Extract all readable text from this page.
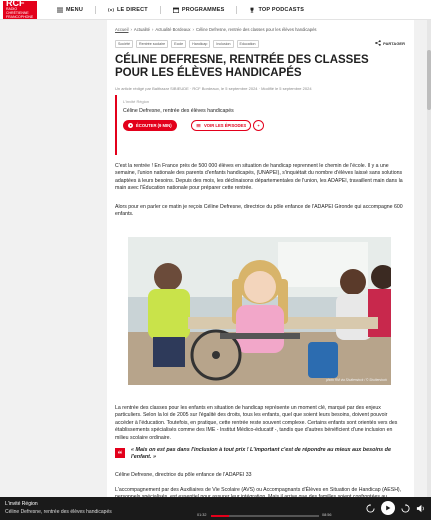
RCF
RADIO CHRÉTIENNE FRANCOPHONE
MENU	LE DIRECT	PROGRAMMES	TOP PODCASTS
Accueil › Actualité › Actualité Bordeaux › Céline Defresne, rentrée des classes pour les élèves handicapés
Société	Rentrée scolaire	Ecole	Handicap	Inclusion	Education	PARTAGER
CÉLINE DEFRESNE, RENTRÉE DES CLASSES POUR LES ÉLÈVES HANDICAPÉS
Un article rédigé par Balthazar SIBIEUDE · RCF Bordeaux, le 5 septembre 2024 · Modifié le 5 septembre 2024
L'invité Région
Céline Defresne, rentrée des élèves handicapés
ÉCOUTER (9 MIN)	VOIR LES ÉPISODES	+

C'est la rentrée ! En France près de 500 000 élèves en situation de handicap reprennent le chemin de l'école. Il y a une semaine, l'union nationale des parents d'enfants handicapés, (UNAPEI), s'inquiétait du nombre d'élèves laissé sans solutions adaptées à leurs besoins. Depuis des mois, les déclinaisons départementales de l'union, les ADAPEI, travaillent main dans la main avec l'Éducation nationale pour préparer cette rentrée.

Alors pour en parler ce matin je reçois Céline Defresne, directrice du pôle enfance de l'ADAPEI Gironde qui accompagne 600 enfants.

photo RM via Shutterstock / © Shutterstock

La rentrée des classes pour les enfants en situation de handicap représente un moment clé, marqué par des enjeux particuliers. Selon la loi de 2005 sur l'égalité des droits, tous les enfants, quel que soient leurs besoins, doivent pouvoir accéder à l'éducation. Toutefois, en pratique, cette rentrée reste souvent complexe. Certains enfants sont orientés vers des établissements spécialisés comme des IME - Institut Médico-éducatif -, tandis que d'autres bénéficient d'une inclusion en milieu scolaire ordinaire.

“	« Mais on est pas dans l'inclusion à tout prix ! L'important c'est de répondre au mieux aux besoins de l'enfant. »
Céline Defresne, directrice du pôle enfance de l'ADAPEI 33

L'accompagnement par des Auxiliaires de Vie Scolaire (AVS) ou Accompagnants d'Élèves en Situation de Handicap (AESH),

L'invité Région
Céline Defresne, rentrée des élèves handicapés	01:32	08:56
